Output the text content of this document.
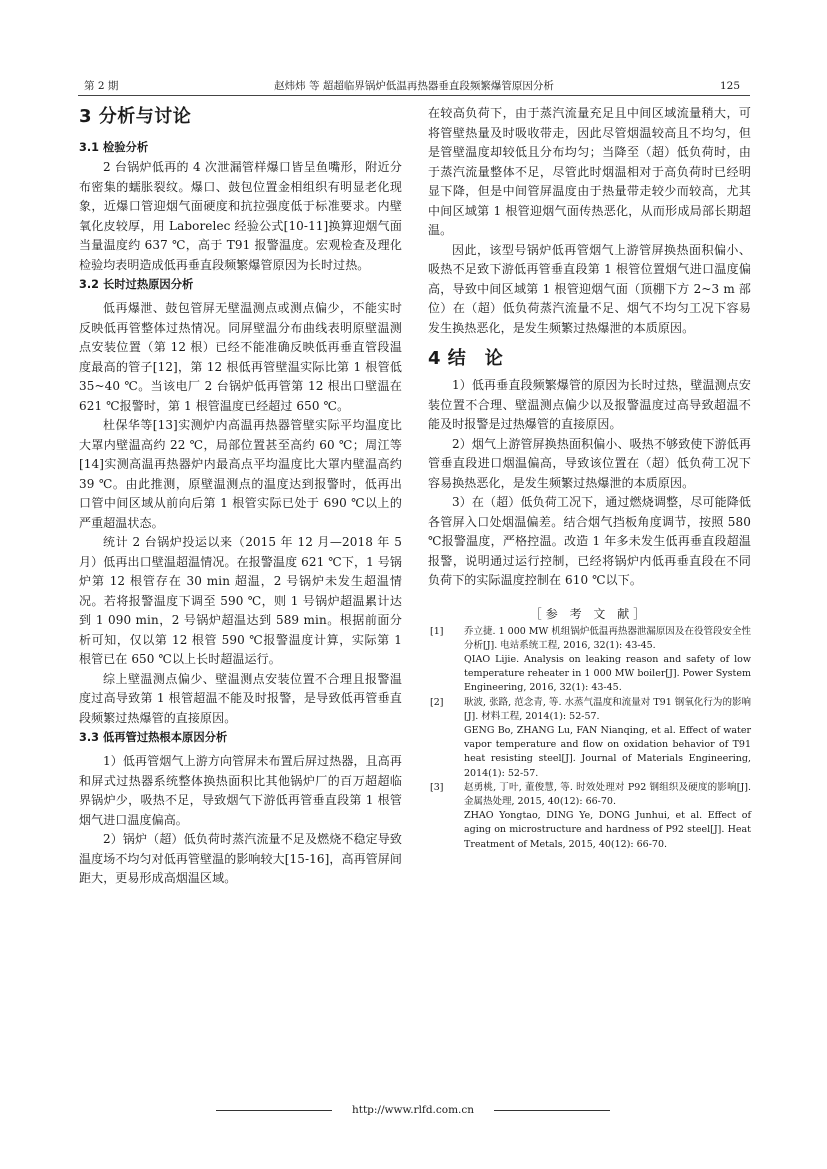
第 2 期	赵炜炜 等 超超临界锅炉低温再热器垂直段频繁爆管原因分析	125
3 分析与讨论
3.1 检验分析

2 台锅炉低再的 4 次泄漏管样爆口皆呈鱼嘴形，附近分布密集的蠕胀裂纹。爆口、鼓包位置金相组织有明显老化现象，近爆口管迎烟气面硬度和抗拉强度低于标准要求。内壁氧化皮较厚，用 Laborelec 经验公式[10-11]换算迎烟气面当量温度约 637 ℃，高于 T91 报警温度。宏观检查及理化检验均表明造成低再垂直段频繁爆管原因为长时过热。

3.2 长时过热原因分析

低再爆泄、鼓包管屏无壁温测点或测点偏少，不能实时反映低再管整体过热情况。同屏壁温分布曲线表明原壁温测点安装位置（第 12 根）已经不能准确反映低再垂直管段温度最高的管子[12]，第 12 根低再管壁温实际比第 1 根管低 35~40 ℃。当该电厂 2 台锅炉低再管第 12 根出口壁温在 621 ℃报警时，第 1 根管温度已经超过 650 ℃。

杜保华等[13]实测炉内高温再热器管壁实际平均温度比大罩内壁温高约 22 ℃，局部位置甚至高约 60 ℃；周江等[14]实测高温再热器炉内最高点平均温度比大罩内壁温高约 39 ℃。由此推测，原壁温测点的温度达到报警时，低再出口管中间区域从前向后第 1 根管实际已处于 690 ℃以上的严重超温状态。

统计 2 台锅炉投运以来（2015 年 12 月—2018 年 5 月）低再出口壁温超温情况。在报警温度 621 ℃下，1 号锅炉第 12 根管存在 30 min 超温，2 号锅炉未发生超温情况。若将报警温度下调至 590 ℃，则 1 号锅炉超温累计达到 1 090 min，2 号锅炉超温达到 589 min。根据前面分析可知，仅以第 12 根管 590 ℃报警温度计算，实际第 1 根管已在 650 ℃以上长时超温运行。

综上壁温测点偏少、壁温测点安装位置不合理且报警温度过高导致第 1 根管超温不能及时报警，是导致低再管垂直段频繁过热爆管的直接原因。

3.3 低再管过热根本原因分析

1）低再管烟气上游方向管屏未布置后屏过热器，且高再和屏式过热器系统整体换热面积比其他锅炉厂的百万超超临界锅炉少，吸热不足，导致烟气下游低再管垂直段第 1 根管烟气进口温度偏高。

2）锅炉（超）低负荷时蒸汽流量不足及燃烧不稳定导致温度场不均匀对低再管壁温的影响较大[15-16]，高再管屏间距大，更易形成高烟温区域。

在较高负荷下，由于蒸汽流量充足且中间区域流量稍大，可将管壁热量及时吸收带走，因此尽管烟温较高且不均匀，但是管壁温度却较低且分布均匀；当降至（超）低负荷时，由于蒸汽流量整体不足，尽管此时烟温相对于高负荷时已经明显下降，但是中间管屏温度由于热量带走较少而较高，尤其中间区域第 1 根管迎烟气面传热恶化，从而形成局部长期超温。

因此，该型号锅炉低再管烟气上游管屏换热面积偏小、吸热不足致下游低再管垂直段第 1 根管位置烟气进口温度偏高，导致中间区域第 1 根管迎烟气面（顶棚下方 2~3 m 部位）在（超）低负荷蒸汽流量不足、烟气不均匀工况下容易发生换热恶化，是发生频繁过热爆泄的本质原因。

4 结　论

1）低再垂直段频繁爆管的原因为长时过热，壁温测点安装位置不合理、壁温测点偏少以及报警温度过高导致超温不能及时报警是过热爆管的直接原因。

2）烟气上游管屏换热面积偏小、吸热不够致使下游低再管垂直段进口烟温偏高，导致该位置在（超）低负荷工况下容易换热恶化，是发生频繁过热爆泄的本质原因。

3）在（超）低负荷工况下，通过燃烧调整，尽可能降低各管屏入口处烟温偏差。结合烟气挡板角度调节，按照 580 ℃报警温度，严格控温。改造 1 年多未发生低再垂直段超温报警，说明通过运行控制，已经将锅炉内低再垂直段在不同负荷下的实际温度控制在 610 ℃以下。

［参 考 文 献］
[1]	乔立捷. 1 000 MW 机组锅炉低温再热器泄漏原因及在役管段安全性分析[J]. 电站系统工程, 2016, 32(1): 43-45.
QIAO Lijie. Analysis on leaking reason and safety of low temperature reheater in 1 000 MW boiler[J]. Power System Engineering, 2016, 32(1): 43-45.
[2]	耿波, 张路, 范念青, 等. 水蒸气温度和流量对 T91 钢氧化行为的影响[J]. 材料工程, 2014(1): 52-57.
GENG Bo, ZHANG Lu, FAN Nianqing, et al. Effect of water vapor temperature and flow on oxidation behavior of T91 heat resisting steel[J]. Journal of Materials Engineering, 2014(1): 52-57.
[3]	赵勇桃, 丁叶, 董俊慧, 等. 时效处理对 P92 钢组织及硬度的影响[J]. 金属热处理, 2015, 40(12): 66-70.
ZHAO Yongtao, DING Ye, DONG Junhui, et al. Effect of aging on microstructure and hardness of P92 steel[J]. Heat Treatment of Metals, 2015, 40(12): 66-70.
http://www.rlfd.com.cn
